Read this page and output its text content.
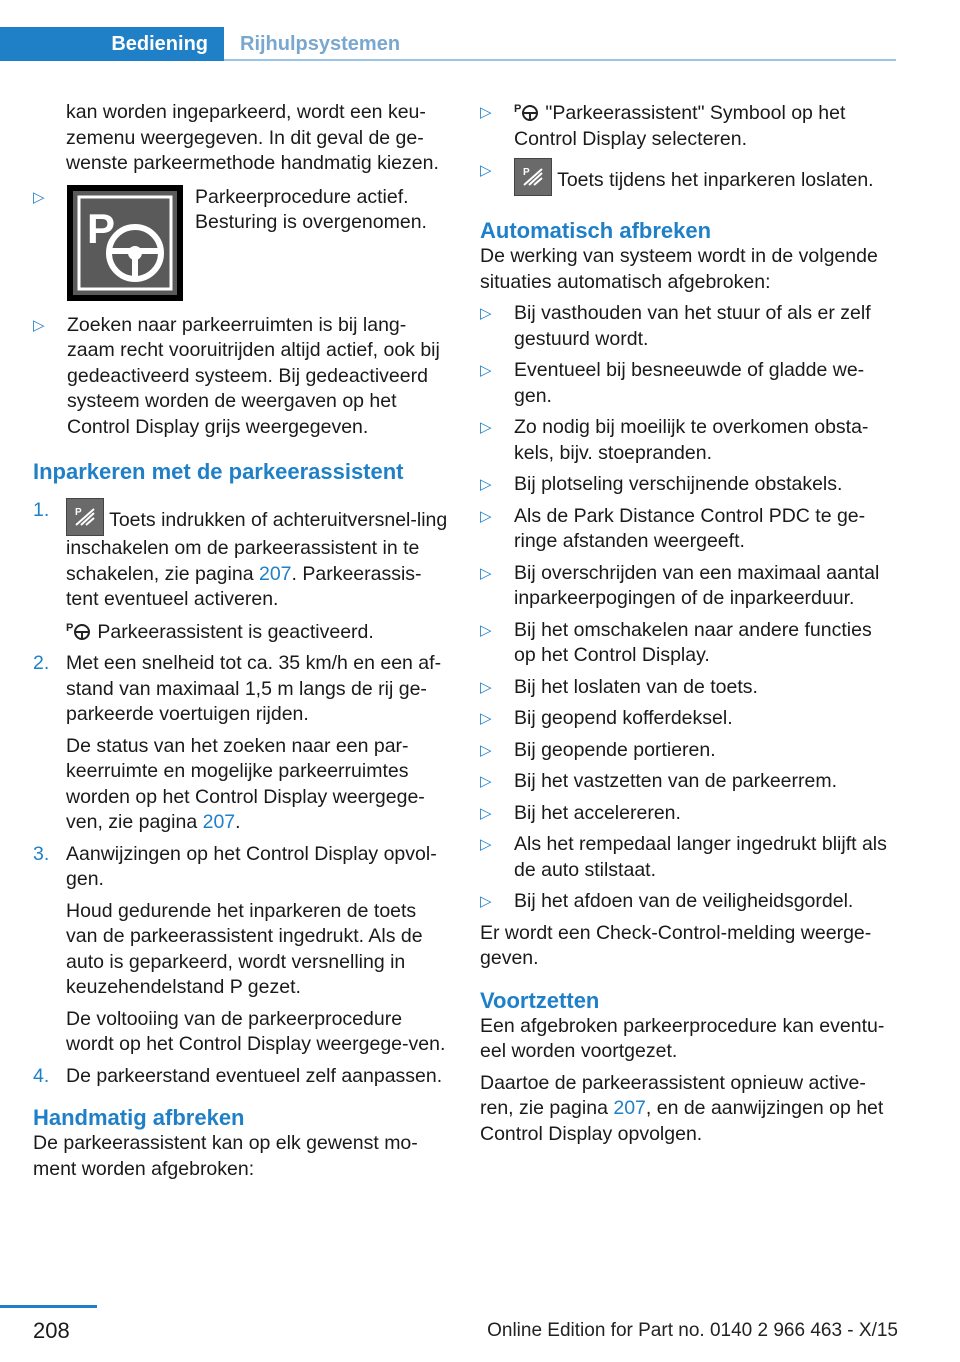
Bediening Rijhulpsystemen

kan worden ingeparkeerd, wordt een keu-zemenu weergegeven. In dit geval de ge-wenste parkeermethode handmatig kiezen.

▷
P
Parkeerprocedure actief. Besturing is overgenomen.
▷	Zoeken naar parkeerruimten is bij lang-zaam recht vooruitrijden altijd actief, ook bij gedeactiveerd systeem. Bij gedeactiveerd systeem worden de weergaven op het Control Display grijs weergegeven.
Inparkeren met de parkeerassistent
1.	P Toets indrukken of achteruitversnel-ling inschakelen om de parkeerassistent in te schakelen, zie pagina 207. Parkeerassis-tent eventueel activeren.
P Parkeerassistent is geactiveerd.
2. Met een snelheid tot ca. 35 km/h en een af-stand van maximaal 1,5 m langs de rij ge-parkeerde voertuigen rijden.
De status van het zoeken naar een par-keerruimte en mogelijke parkeerruimtes worden op het Control Display weergege-ven, zie pagina 207.
3. Aanwijzingen op het Control Display opvol-gen.
Houd gedurende het inparkeren de toets van de parkeerassistent ingedrukt. Als de auto is geparkeerd, wordt versnelling in keuzehendelstand P gezet.
De voltooiing van de parkeerprocedure wordt op het Control Display weergege-ven.
4. De parkeerstand eventueel zelf aanpassen.
Handmatig afbreken

De parkeerassistent kan op elk gewenst mo-ment worden afgebroken:

▷	P "Parkeerassistent" Symbool op het Control Display selecteren.
▷	P Toets tijdens het inparkeren loslaten.
Automatisch afbreken

De werking van systeem wordt in de volgende situaties automatisch afgebroken:

▷	Bij vasthouden van het stuur of als er zelf gestuurd wordt.
▷	Eventueel bij besneeuwde of gladde we-gen.
▷	Zo nodig bij moeilijk te overkomen obsta-kels, bijv. stoepranden.
▷	Bij plotseling verschijnende obstakels.
▷	Als de Park Distance Control PDC te ge-ringe afstanden weergeeft.
▷	Bij overschrijden van een maximaal aantal inparkeerpogingen of de inparkeerduur.
▷	Bij het omschakelen naar andere functies op het Control Display.
▷	Bij het loslaten van de toets.
▷	Bij geopend kofferdeksel.
▷	Bij geopende portieren.
▷	Bij het vastzetten van de parkeerrem.
▷	Bij het accelereren.
▷	Als het rempedaal langer ingedrukt blijft als de auto stilstaat.
▷	Bij het afdoen van de veiligheidsgordel.

Er wordt een Check-Control-melding weerge-geven.

Voortzetten

Een afgebroken parkeerprocedure kan eventu-eel worden voortgezet.

Daartoe de parkeerassistent opnieuw active-ren, zie pagina 207, en de aanwijzingen op het Control Display opvolgen.

208	Online Edition for Part no. 0140 2 966 463 - X/15
